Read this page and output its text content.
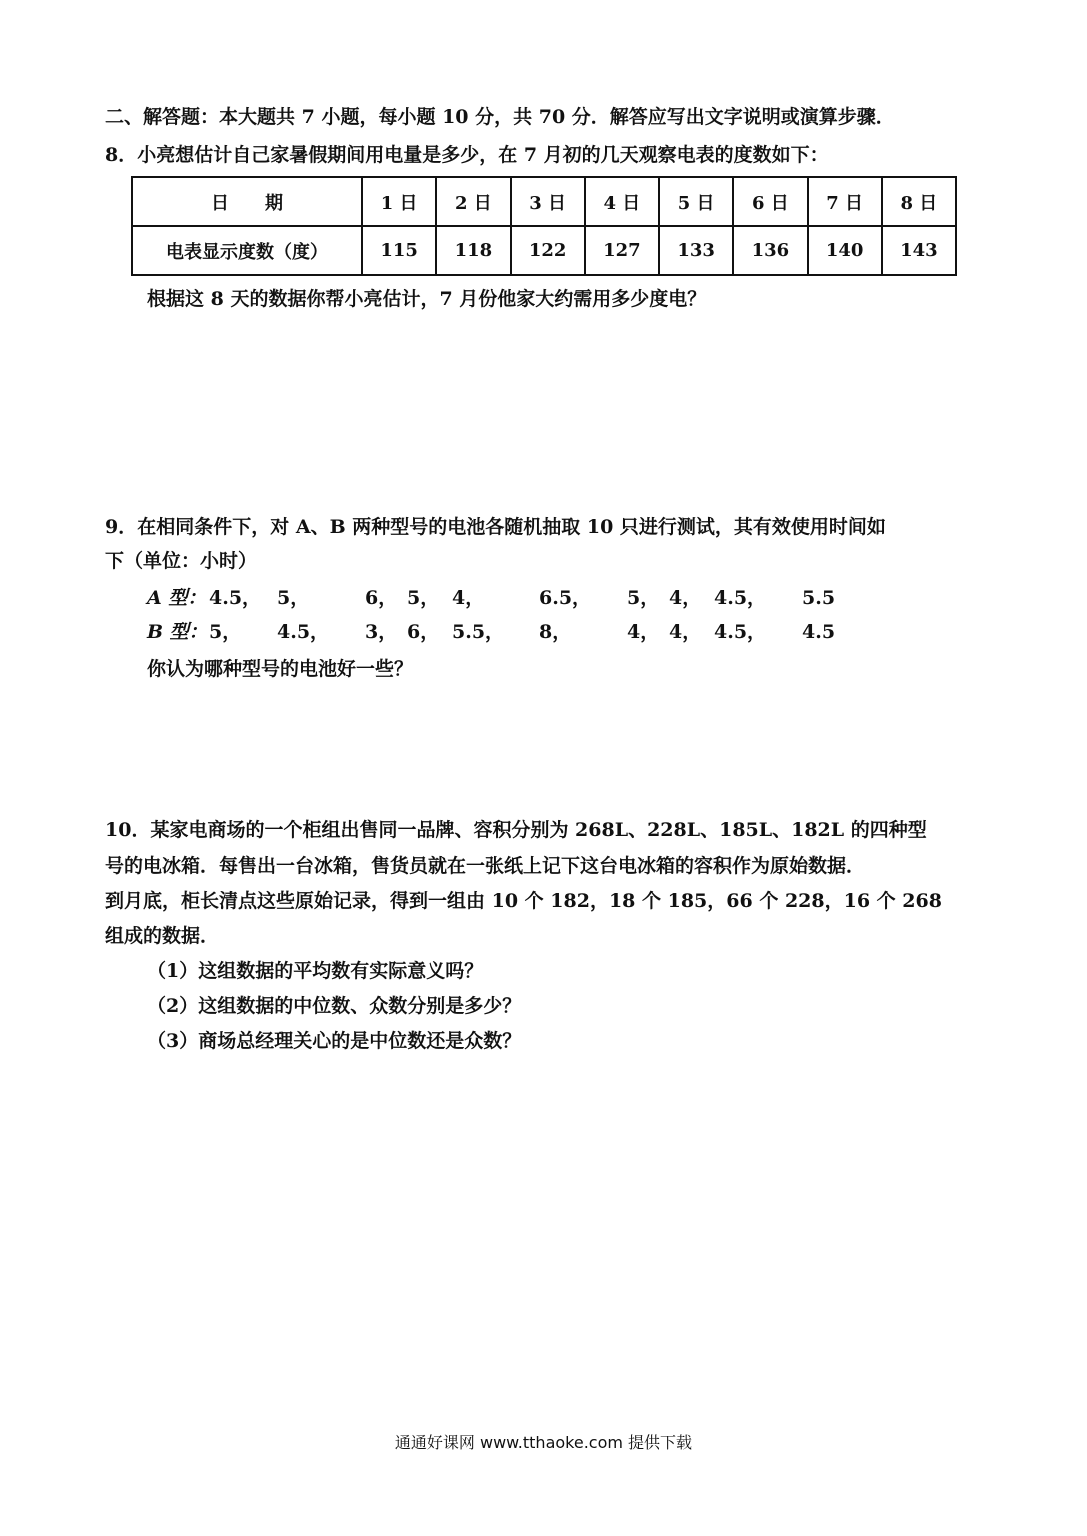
二、解答题：本大题共 7 小题，每小题 10 分，共 70 分．解答应写出文字说明或演算步骤．
8．小亮想估计自己家暑假期间用电量是多少，在 7 月初的几天观察电表的度数如下：
日　　期	1 日	2 日	3 日	4 日	5 日	6 日	7 日	8 日
电表显示度数（度）	115	118	122	127	133	136	140	143
根据这 8 天的数据你帮小亮估计，7 月份他家大约需用多少度电？
9．在相同条件下，对 A、B 两种型号的电池各随机抽取 10 只进行测试，其有效使用时间如
下（单位：小时）
A 型： 4.5， 5，	6， 5， 4，	6.5， 5， 4， 4.5， 5.5
B 型： 5， 4.5， 3， 6， 5.5， 8，	4， 4， 4.5， 4.5
你认为哪种型号的电池好一些？
10．某家电商场的一个柜组出售同一品牌、容积分别为 268L、228L、185L、182L 的四种型
号的电冰箱．每售出一台冰箱，售货员就在一张纸上记下这台电冰箱的容积作为原始数据．
到月底，柜长清点这些原始记录，得到一组由 10 个 182，18 个 185，66 个 228，16 个 268
组成的数据．
（1）这组数据的平均数有实际意义吗？
（2）这组数据的中位数、众数分别是多少？
（3）商场总经理关心的是中位数还是众数？
通通好课网 www.tthaoke.com 提供下载
